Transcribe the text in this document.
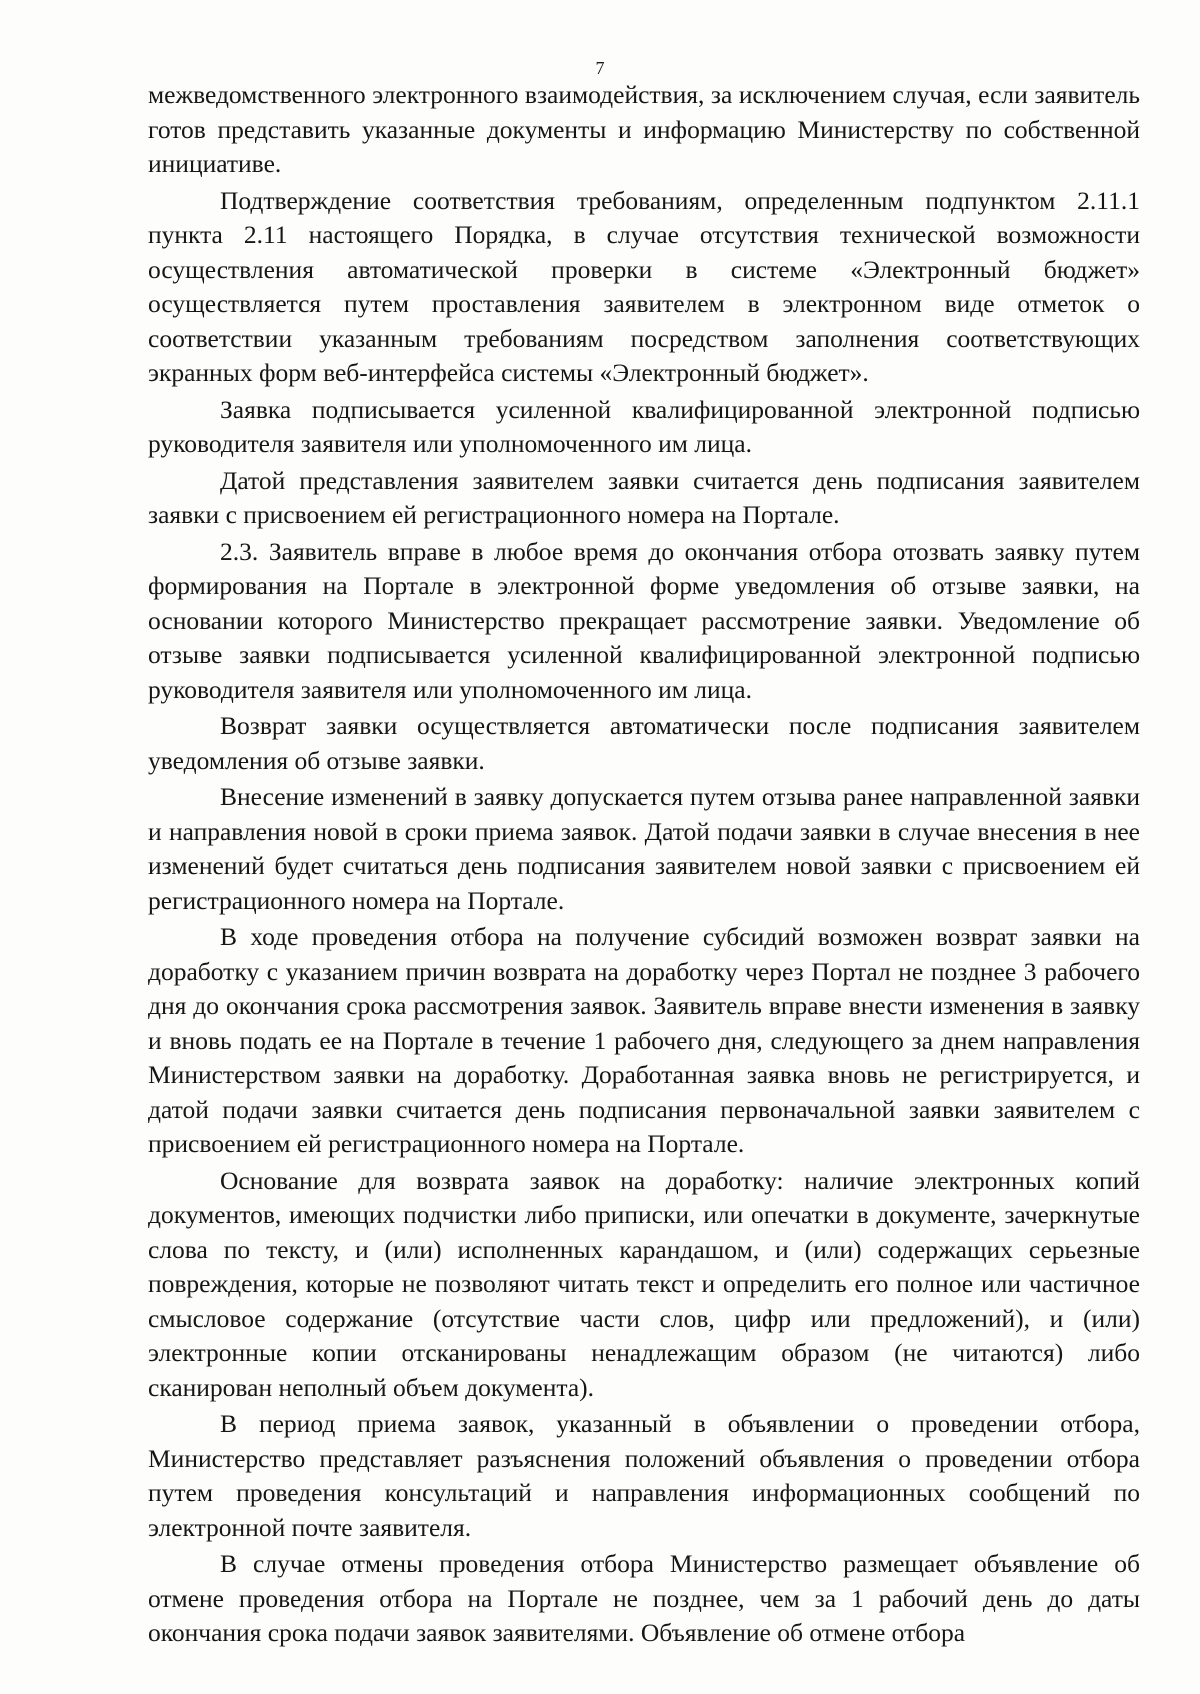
7

межведомственного электронного взаимодействия, за исключением случая, если заявитель готов представить указанные документы и информацию Министерству по собственной инициативе.

Подтверждение соответствия требованиям, определенным подпунктом 2.11.1 пункта 2.11 настоящего Порядка, в случае отсутствия технической возможности осуществления автоматической проверки в системе «Электронный бюджет» осуществляется путем проставления заявителем в электронном виде отметок о соответствии указанным требованиям посредством заполнения соответствующих экранных форм веб-интерфейса системы «Электронный бюджет».

Заявка подписывается усиленной квалифицированной электронной подписью руководителя заявителя или уполномоченного им лица.

Датой представления заявителем заявки считается день подписания заявителем заявки с присвоением ей регистрационного номера на Портале.

2.3. Заявитель вправе в любое время до окончания отбора отозвать заявку путем формирования на Портале в электронной форме уведомления об отзыве заявки, на основании которого Министерство прекращает рассмотрение заявки. Уведомление об отзыве заявки подписывается усиленной квалифицированной электронной подписью руководителя заявителя или уполномоченного им лица.

Возврат заявки осуществляется автоматически после подписания заявителем уведомления об отзыве заявки.

Внесение изменений в заявку допускается путем отзыва ранее направленной заявки и направления новой в сроки приема заявок. Датой подачи заявки в случае внесения в нее изменений будет считаться день подписания заявителем новой заявки с присвоением ей регистрационного номера на Портале.

В ходе проведения отбора на получение субсидий возможен возврат заявки на доработку с указанием причин возврата на доработку через Портал не позднее 3 рабочего дня до окончания срока рассмотрения заявок. Заявитель вправе внести изменения в заявку и вновь подать ее на Портале в течение 1 рабочего дня, следующего за днем направления Министерством заявки на доработку. Доработанная заявка вновь не регистрируется, и датой подачи заявки считается день подписания первоначальной заявки заявителем с присвоением ей регистрационного номера на Портале.

Основание для возврата заявок на доработку: наличие электронных копий документов, имеющих подчистки либо приписки, или опечатки в документе, зачеркнутые слова по тексту, и (или) исполненных карандашом, и (или) содержащих серьезные повреждения, которые не позволяют читать текст и определить его полное или частичное смысловое содержание (отсутствие части слов, цифр или предложений), и (или) электронные копии отсканированы ненадлежащим образом (не читаются) либо сканирован неполный объем документа).

В период приема заявок, указанный в объявлении о проведении отбора, Министерство представляет разъяснения положений объявления о проведении отбора путем проведения консультаций и направления информационных сообщений по электронной почте заявителя.

В случае отмены проведения отбора Министерство размещает объявление об отмене проведения отбора на Портале не позднее, чем за 1 рабочий день до даты окончания срока подачи заявок заявителями. Объявление об отмене отбора
